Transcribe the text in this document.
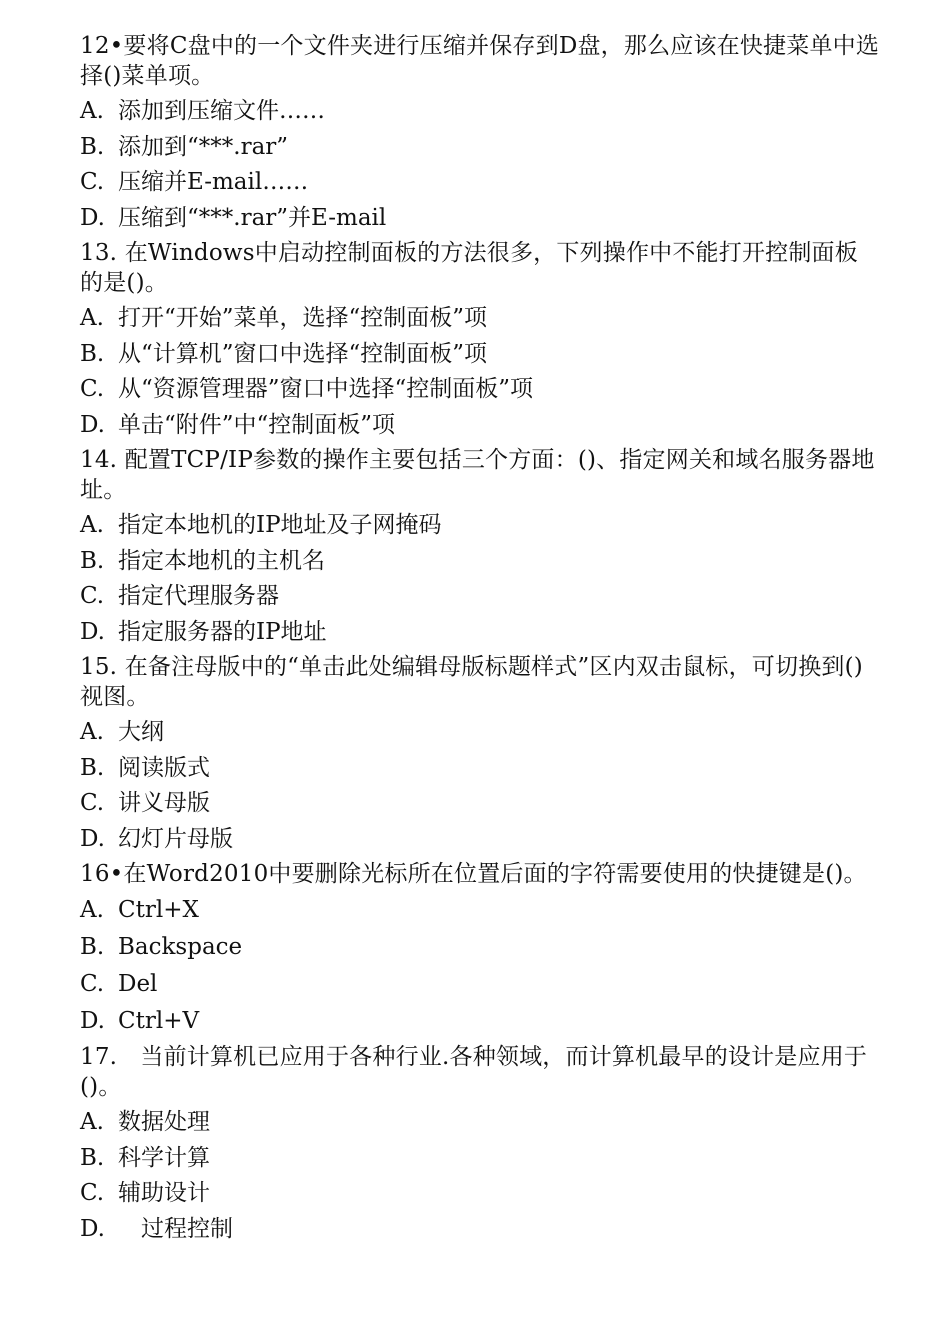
12•要将C盘中的一个文件夹进行压缩并保存到D盘，那么应该在快捷菜单中选择()菜单项。

A. 添加到压缩文件……
B. 添加到“***.rar”
C. 压缩并E-mail……
D. 压缩到“***.rar”并E-mail

13. 在Windows中启动控制面板的方法很多，下列操作中不能打开控制面板的是()。

A. 打开“开始”菜单，选择“控制面板”项
B. 从“计算机”窗口中选择“控制面板”项
C. 从“资源管理器”窗口中选择“控制面板”项
D. 单击“附件”中“控制面板”项

14. 配置TCP/IP参数的操作主要包括三个方面：()、指定网关和域名服务器地址。

A. 指定本地机的IP地址及子网掩码
B. 指定本地机的主机名
C. 指定代理服务器
D. 指定服务器的IP地址

15. 在备注母版中的“单击此处编辑母版标题样式”区内双击鼠标，可切换到()视图。

A. 大纲
B. 阅读版式
C. 讲义母版
D. 幻灯片母版

16•在Word2010中要删除光标所在位置后面的字符需要使用的快捷键是()。

A. Ctrl+X
B. Backspace
C. Del
D. Ctrl+V

17.　当前计算机已应用于各种行业.各种领域，而计算机最早的设计是应用于()。

A. 数据处理
B. 科学计算
C. 辅助设计
D.　过程控制
